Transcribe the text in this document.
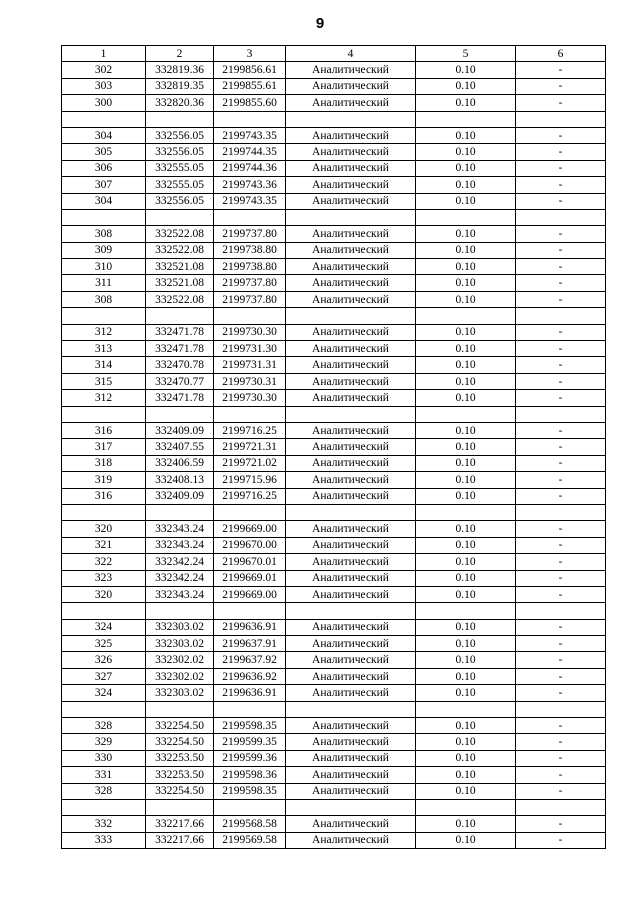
9
1	2	3	4	5	6
302	332819.36	2199856.61	Аналитический	0.10	-
303	332819.35	2199855.61	Аналитический	0.10	-
300	332820.36	2199855.60	Аналитический	0.10	-

304	332556.05	2199743.35	Аналитический	0.10	-
305	332556.05	2199744.35	Аналитический	0.10	-
306	332555.05	2199744.36	Аналитический	0.10	-
307	332555.05	2199743.36	Аналитический	0.10	-
304	332556.05	2199743.35	Аналитический	0.10	-

308	332522.08	2199737.80	Аналитический	0.10	-
309	332522.08	2199738.80	Аналитический	0.10	-
310	332521.08	2199738.80	Аналитический	0.10	-
311	332521.08	2199737.80	Аналитический	0.10	-
308	332522.08	2199737.80	Аналитический	0.10	-

312	332471.78	2199730.30	Аналитический	0.10	-
313	332471.78	2199731.30	Аналитический	0.10	-
314	332470.78	2199731.31	Аналитический	0.10	-
315	332470.77	2199730.31	Аналитический	0.10	-
312	332471.78	2199730.30	Аналитический	0.10	-

316	332409.09	2199716.25	Аналитический	0.10	-
317	332407.55	2199721.31	Аналитический	0.10	-
318	332406.59	2199721.02	Аналитический	0.10	-
319	332408.13	2199715.96	Аналитический	0.10	-
316	332409.09	2199716.25	Аналитический	0.10	-

320	332343.24	2199669.00	Аналитический	0.10	-
321	332343.24	2199670.00	Аналитический	0.10	-
322	332342.24	2199670.01	Аналитический	0.10	-
323	332342.24	2199669.01	Аналитический	0.10	-
320	332343.24	2199669.00	Аналитический	0.10	-

324	332303.02	2199636.91	Аналитический	0.10	-
325	332303.02	2199637.91	Аналитический	0.10	-
326	332302.02	2199637.92	Аналитический	0.10	-
327	332302.02	2199636.92	Аналитический	0.10	-
324	332303.02	2199636.91	Аналитический	0.10	-

328	332254.50	2199598.35	Аналитический	0.10	-
329	332254.50	2199599.35	Аналитический	0.10	-
330	332253.50	2199599.36	Аналитический	0.10	-
331	332253.50	2199598.36	Аналитический	0.10	-
328	332254.50	2199598.35	Аналитический	0.10	-

332	332217.66	2199568.58	Аналитический	0.10	-
333	332217.66	2199569.58	Аналитический	0.10	-
